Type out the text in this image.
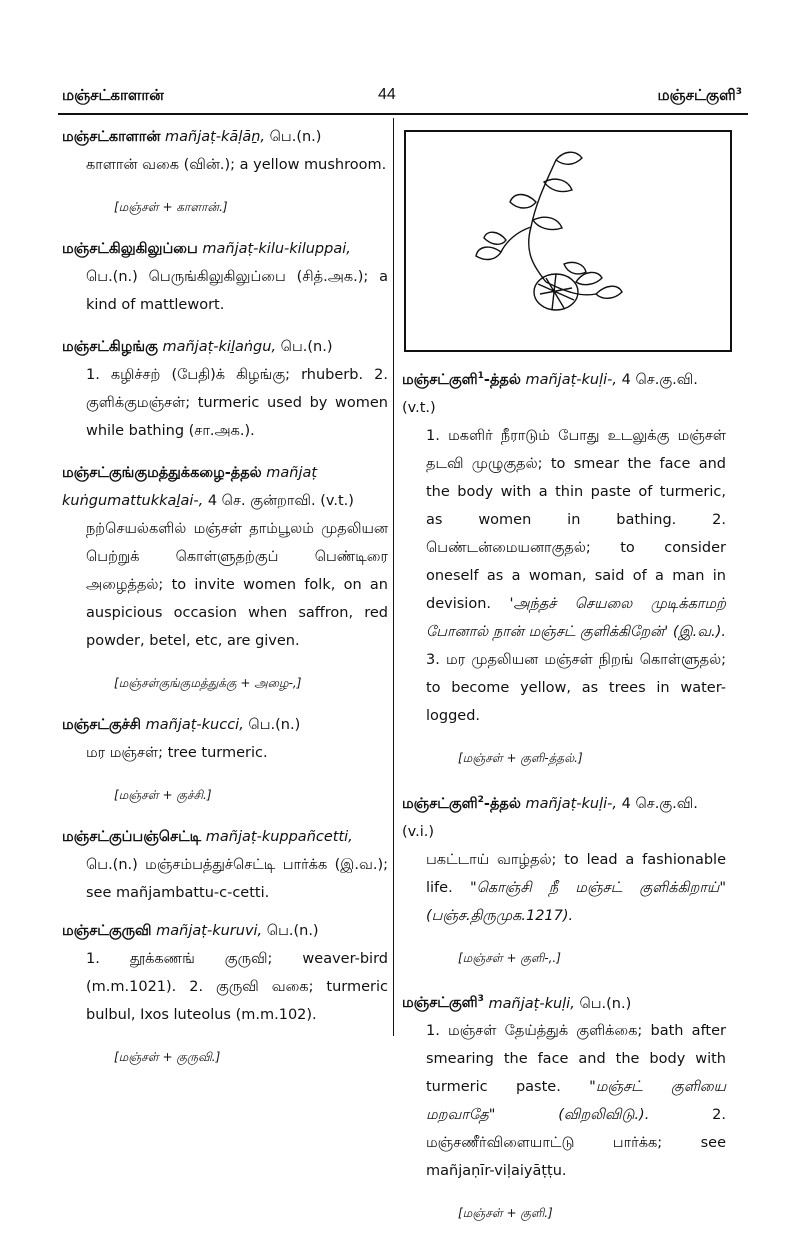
மஞ்சட்காளான்	44	மஞ்சட்குளி$^3$
மஞ்சட்காளான் mañjaṭ-kāḷāṉ, பெ.(n.)
காளான் வகை (வின்.); a yellow mushroom.
[மஞ்சள் + காளான்.]
மஞ்சட்கிலுகிலுப்பை mañjaṭ-kilu-kiluppai,
பெ.(n.) பெருங்கிலுகிலுப்பை (சித்.அக.); a kind of mattlewort.
மஞ்சட்கிழங்கு mañjaṭ-kiḻaṅgu, பெ.(n.)
1. கழிச்சற் (பேதி)க் கிழங்கு; rhuberb. 2. குளிக்குமஞ்சள்; turmeric used by women while bathing (சா.அக.).
மஞ்சட்குங்குமத்துக்கழை-த்தல் mañjaṭ kuṅgumattukkaḻai-, 4 செ. குன்றாவி. (v.t.)
நற்செயல்களில் மஞ்சள் தாம்பூலம் முதலியன பெற்றுக் கொள்ளுதற்குப் பெண்டிரை அழைத்தல்; to invite women folk, on an auspicious occasion when saffron, red powder, betel, etc, are given.
[மஞ்சள்குங்குமத்துக்கு + அழை-,]
மஞ்சட்குச்சி mañjaṭ-kucci, பெ.(n.)
மர மஞ்சள்; tree turmeric.
[மஞ்சள் + குச்சி.]
மஞ்சட்குப்பஞ்செட்டி mañjaṭ-kuppañcetti,
பெ.(n.) மஞ்சம்பத்துச்செட்டி பார்க்க (இ.வ.); see mañjambattu-c-cetti.
மஞ்சட்குருவி mañjaṭ-kuruvi, பெ.(n.)
1. தூக்கணங் குருவி; weaver-bird (m.m.1021). 2. குருவி வகை; turmeric bulbul, Ixos luteolus (m.m.102).
[மஞ்சள் + குருவி.]
மஞ்சட்குளி$^1$-த்தல் mañjaṭ-kuḷi-, 4 செ.கு.வி. (v.t.)
1. மகளிர் நீராடும் போது உடலுக்கு மஞ்சள் தடவி முழுகுதல்; to smear the face and the body with a thin paste of turmeric, as women in bathing. 2. பெண்டன்மையனாகுதல்; to consider oneself as a woman, said of a man in devision. 'அந்தச் செயலை முடிக்காமற் போனால் நான் மஞ்சட் குளிக்கிறேன்' (இ.வ.). 3. மர முதலியன மஞ்சள் நிறங் கொள்ளுதல்; to become yellow, as trees in water-logged.
[மஞ்சள் + குளி-த்தல்.]
மஞ்சட்குளி$^2$-த்தல் mañjaṭ-kuḷi-, 4 செ.கு.வி. (v.i.)
பகட்டாய் வாழ்தல்; to lead a fashionable life. "கொஞ்சி நீ மஞ்சட் குளிக்கிறாய்" (பஞ்ச.திருமுக.1217).
[மஞ்சள் + குளி-,.]
மஞ்சட்குளி$^3$ mañjaṭ-kuḷi, பெ.(n.)
1. மஞ்சள் தேய்த்துக் குளிக்கை; bath after smearing the face and the body with turmeric paste. "மஞ்சட் குளியை மறவாதே" (விறலிவிடு.).	2. மஞ்சணீர்விளையாட்டு பார்க்க; see mañjaṇīr-viḷaiyāṭṭu.
[மஞ்சள் + குளி.]
